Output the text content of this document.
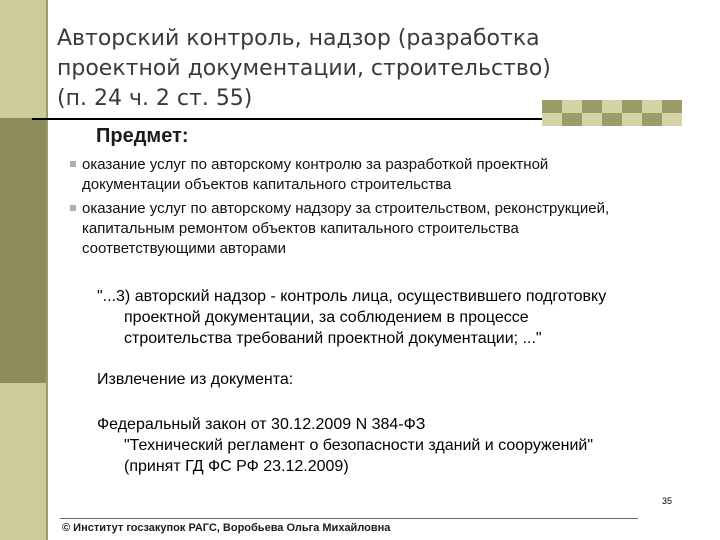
Авторский контроль, надзор (разработка
проектной документации, строительство)
(п. 24 ч. 2 ст. 55)
Предмет:
оказание услуг по авторскому контролю за разработкой проектной
документации объектов капитального строительства
оказание услуг по авторскому надзору за строительством, реконструкцией,
капитальным ремонтом объектов капитального строительства
соответствующими авторами
"...3) авторский надзор - контроль лица, осуществившего подготовку
проектной документации, за соблюдением в процессе
строительства требований проектной документации; ..."
Извлечение из документа:
Федеральный закон от 30.12.2009 N 384-ФЗ
"Технический регламент о безопасности зданий и сооружений"
(принят ГД ФС РФ 23.12.2009)
35
© Институт госзакупок РАГС, Воробьева Ольга Михайловна
